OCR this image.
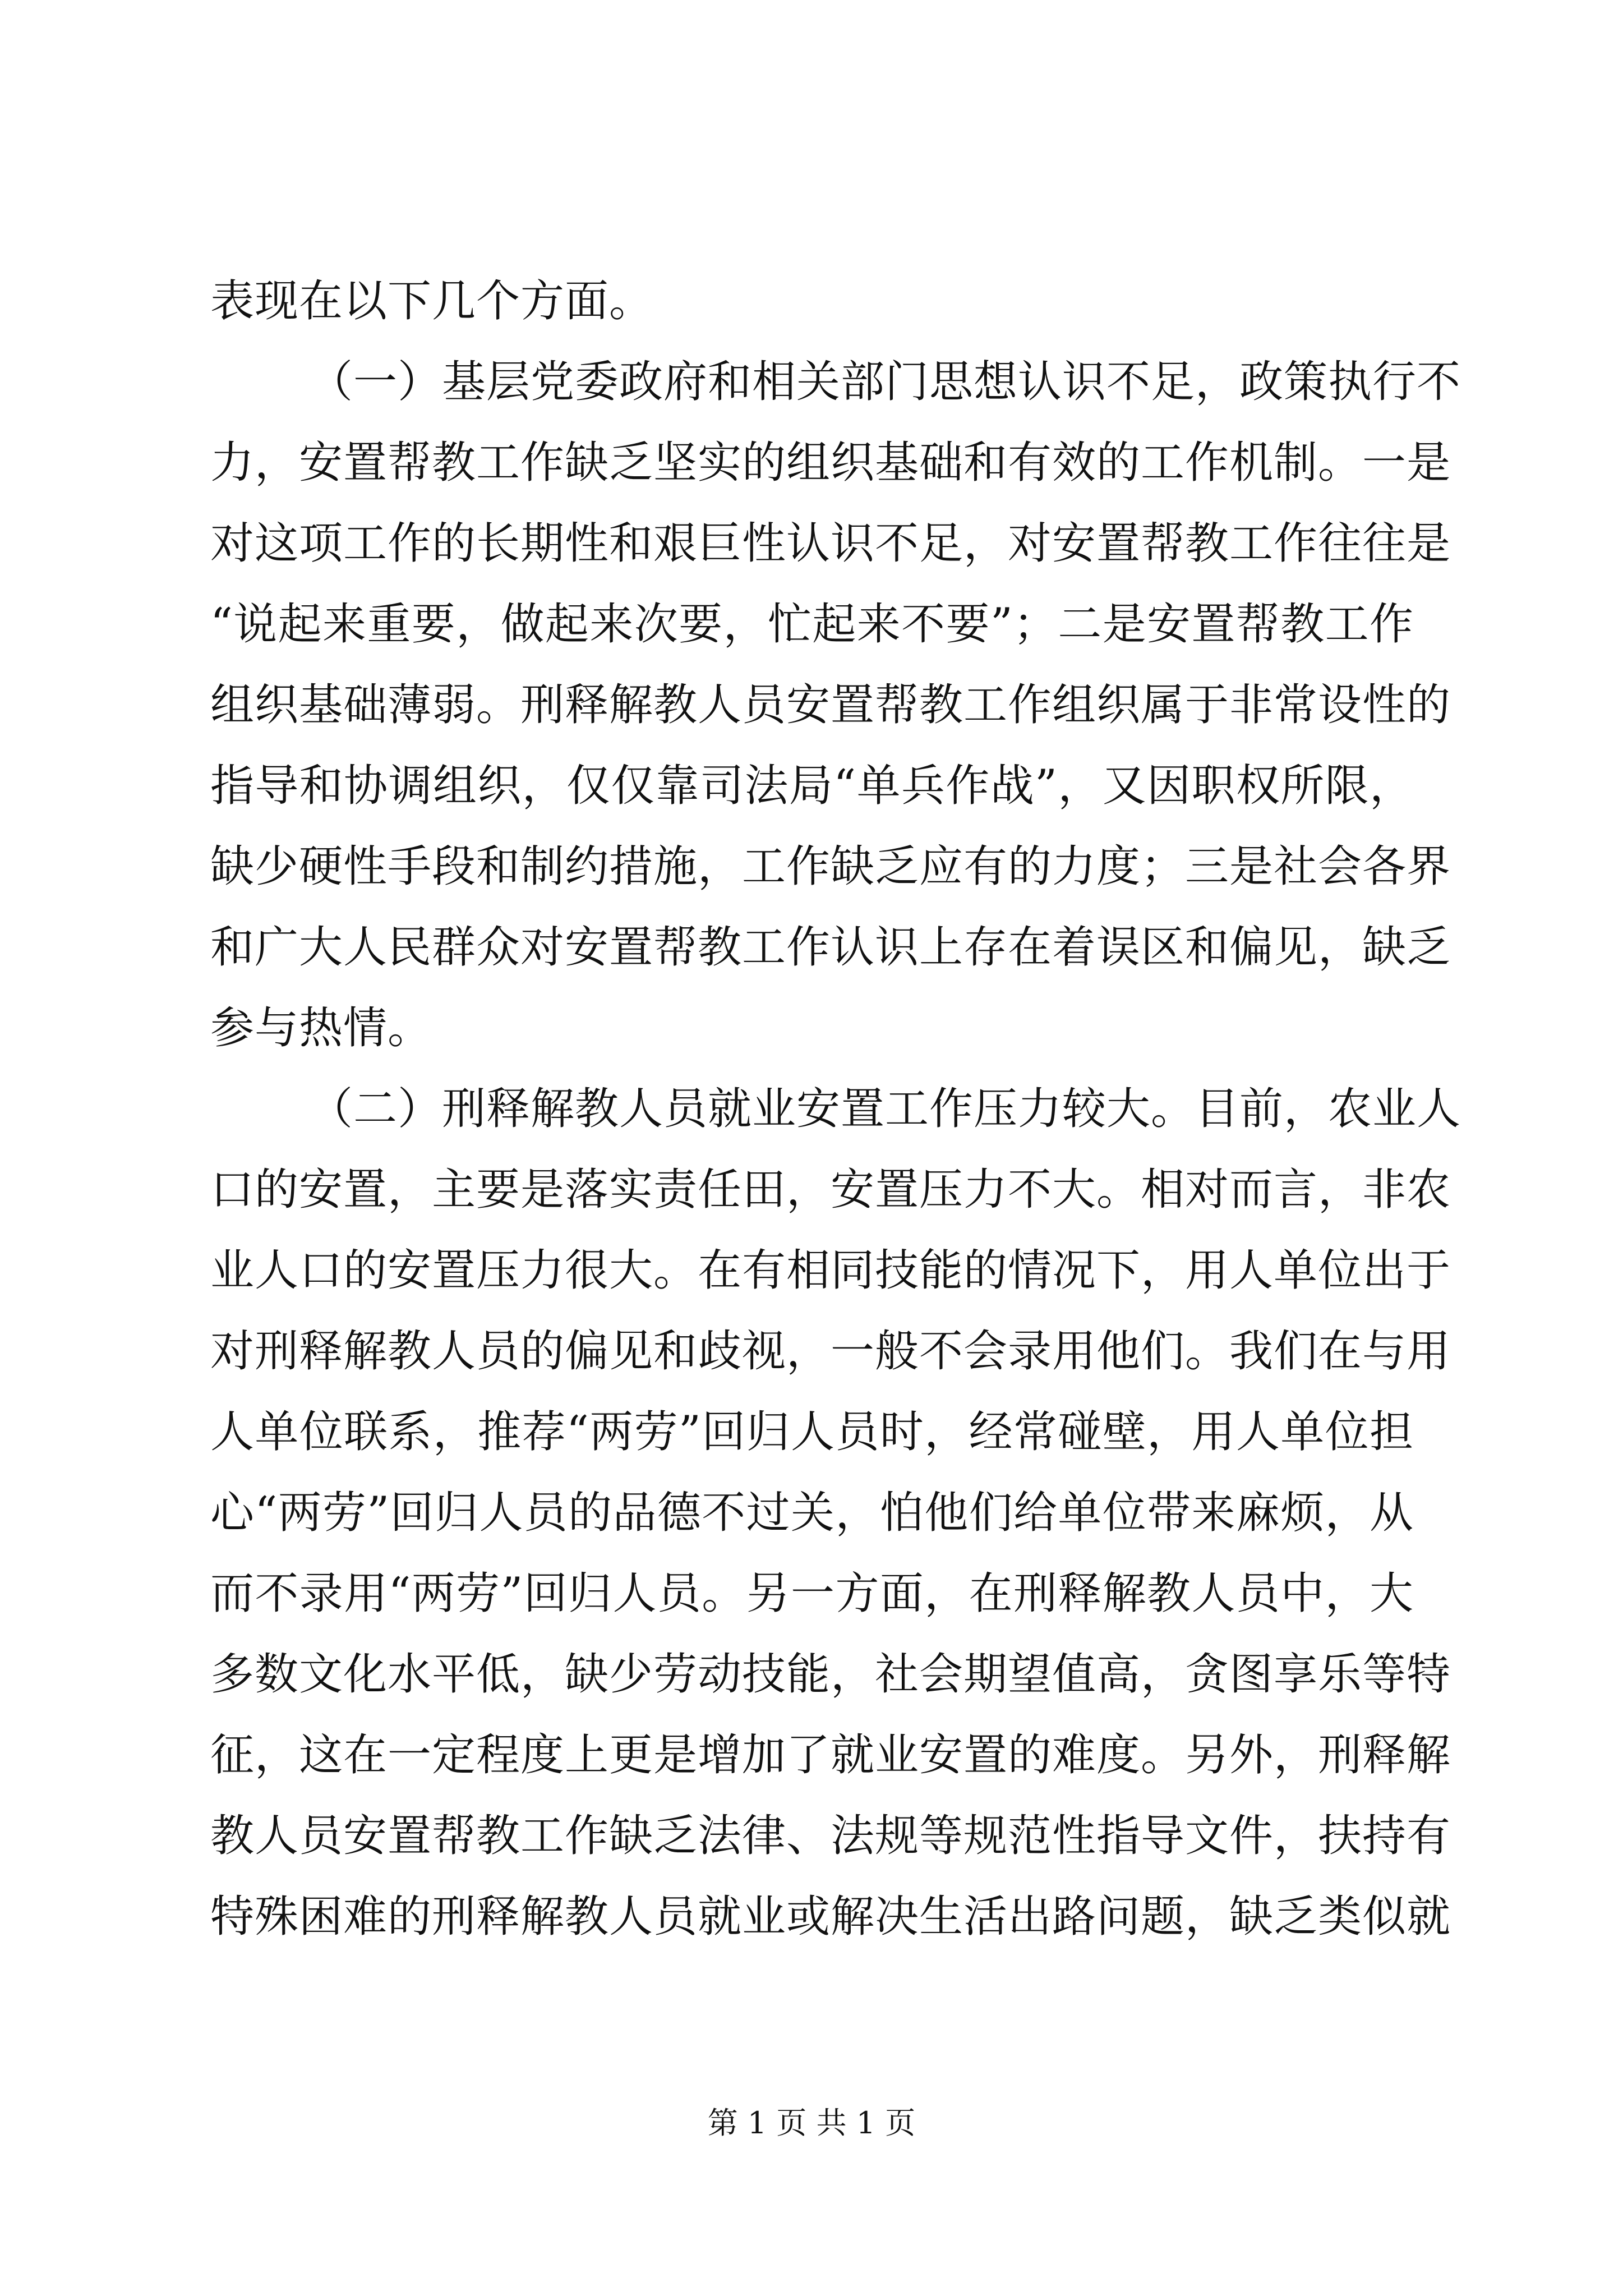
表现在以下几个方面。
（一）基层党委政府和相关部门思想认识不足，政策执行不
力，安置帮教工作缺乏坚实的组织基础和有效的工作机制。一是
对这项工作的长期性和艰巨性认识不足，对安置帮教工作往往是
“说起来重要，做起来次要，忙起来不要”；二是安置帮教工作
组织基础薄弱。刑释解教人员安置帮教工作组织属于非常设性的
指导和协调组织，仅仅靠司法局“单兵作战”，又因职权所限，
缺少硬性手段和制约措施，工作缺乏应有的力度；三是社会各界
和广大人民群众对安置帮教工作认识上存在着误区和偏见，缺乏
参与热情。
（二）刑释解教人员就业安置工作压力较大。目前，农业人
口的安置，主要是落实责任田，安置压力不大。相对而言，非农
业人口的安置压力很大。在有相同技能的情况下，用人单位出于
对刑释解教人员的偏见和歧视，一般不会录用他们。我们在与用
人单位联系，推荐“两劳”回归人员时，经常碰壁，用人单位担
心“两劳”回归人员的品德不过关，怕他们给单位带来麻烦，从
而不录用“两劳”回归人员。另一方面，在刑释解教人员中，大
多数文化水平低，缺少劳动技能，社会期望值高，贪图享乐等特
征，这在一定程度上更是增加了就业安置的难度。另外，刑释解
教人员安置帮教工作缺乏法律、法规等规范性指导文件，扶持有
特殊困难的刑释解教人员就业或解决生活出路问题，缺乏类似就
第 1 页 共 1 页
